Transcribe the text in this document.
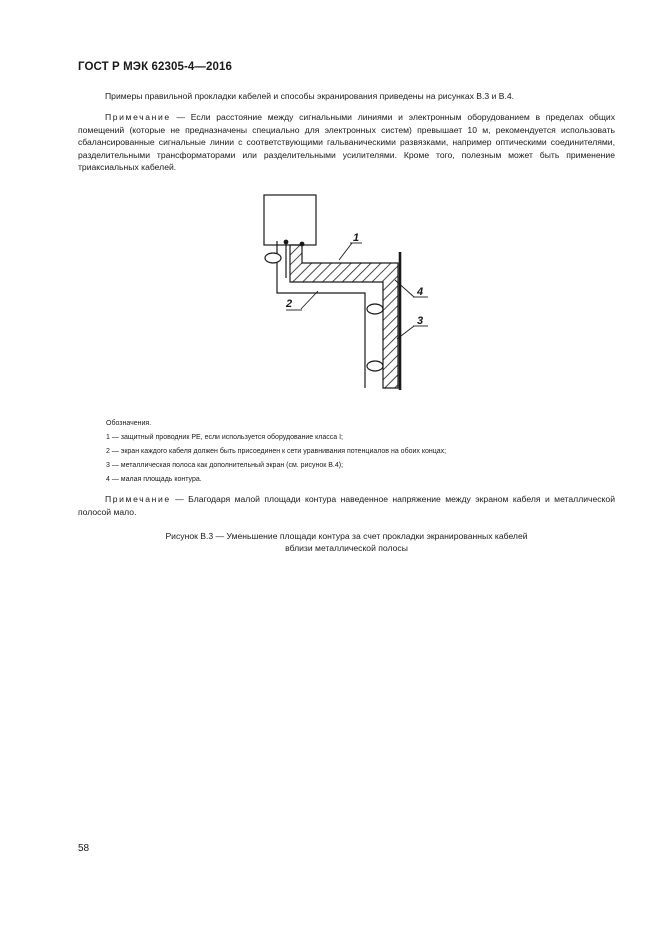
ГОСТ Р МЭК 62305-4—2016
Примеры правильной прокладки кабелей и способы экранирования приведены на рисунках В.3 и В.4.
Примечание — Если расстояние между сигнальными линиями и электронным оборудованием в пределах общих помещений (которые не предназначены специально для электронных систем) превышает 10 м, рекомендуется использовать сбалансированные сигнальные линии с соответствующими гальваническими развязками, например оптическими соединителями, разделительными трансформаторами или разделительными усилителями. Кроме того, полезным может быть применение триаксиальных кабелей.
1
2
4
3
Обозначения.
1 — защитный проводник РЕ, если используется оборудование класса I;
2 — экран каждого кабеля должен быть присоединен к сети уравнивания потенциалов на обоих концах;
3 — металлическая полоса как дополнительный экран (см. рисунок В.4);
4 — малая площадь контура.
Примечание — Благодаря малой площади контура наведенное напряжение между экраном кабеля и металлической полосой мало.
Рисунок В.3 — Уменьшение площади контура за счет прокладки экранированных кабелей
вблизи металлической полосы
58
